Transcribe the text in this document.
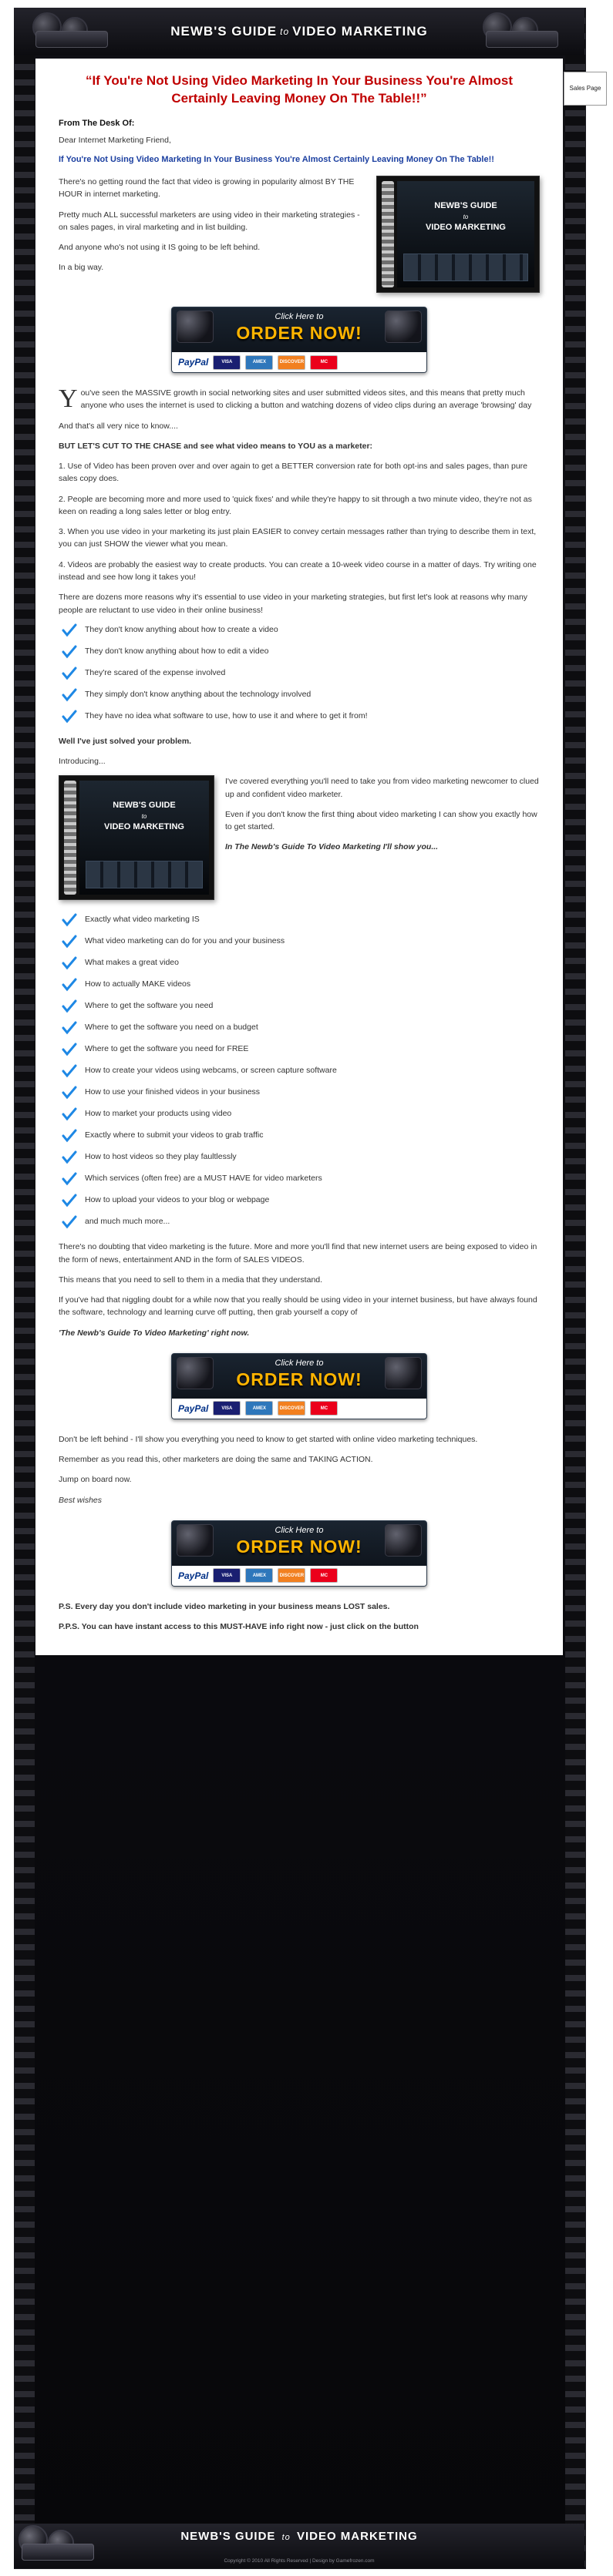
NEWB'S GUIDE to VIDEO MARKETING
Sales Page
“If You're Not Using Video Marketing In Your Business You're Almost Certainly Leaving Money On The Table!!”
From The Desk Of:

Dear Internet Marketing Friend,

If You're Not Using Video Marketing In Your Business You're Almost Certainly Leaving Money On The Table!!

There's no getting round the fact that video is growing in popularity almost BY THE HOUR in internet marketing.

Pretty much ALL successful marketers are using video in their marketing strategies - on sales pages, in viral marketing and in list building.

And anyone who's not using it IS going to be left behind.

In a big way.

NEWB'S GUIDE
to
VIDEO MARKETING
Click Here to
ORDER NOW!
PayPal	VISA	AMEX	DISCOVER	MC

Y ou've seen the MASSIVE growth in social networking sites and user submitted videos sites, and this means that pretty much anyone who uses the internet is used to clicking a button and watching dozens of video clips during an average 'browsing' day

And that's all very nice to know....

BUT LET'S CUT TO THE CHASE and see what video means to YOU as a marketer:

1. Use of Video has been proven over and over again to get a BETTER conversion rate for both opt-ins and sales pages, than pure sales copy does.

2. People are becoming more and more used to 'quick fixes' and while they're happy to sit through a two minute video, they're not as keen on reading a long sales letter or blog entry.

3. When you use video in your marketing its just plain EASIER to convey certain messages rather than trying to describe them in text, you can just SHOW the viewer what you mean.

4. Videos are probably the easiest way to create products. You can create a 10-week video course in a matter of days. Try writing one instead and see how long it takes you!

There are dozens more reasons why it's essential to use video in your marketing strategies, but first let's look at reasons why many people are reluctant to use video in their online business!

They don't know anything about how to create a video
They don't know anything about how to edit a video
They're scared of the expense involved
They simply don't know anything about the technology involved
They have no idea what software to use, how to use it and where to get it from!

Well I've just solved your problem.

Introducing...

NEWB'S GUIDE
to
VIDEO MARKETING

I've covered everything you'll need to take you from video marketing newcomer to clued up and confident video marketer.

Even if you don't know the first thing about video marketing I can show you exactly how to get started.

In The Newb's Guide To Video Marketing I'll show you...

Exactly what video marketing IS
What video marketing can do for you and your business
What makes a great video
How to actually MAKE videos
Where to get the software you need
Where to get the software you need on a budget
Where to get the software you need for FREE
How to create your videos using webcams, or screen capture software
How to use your finished videos in your business
How to market your products using video
Exactly where to submit your videos to grab traffic
How to host videos so they play faultlessly
Which services (often free) are a MUST HAVE for video marketers
How to upload your videos to your blog or webpage
and much much more...

There's no doubting that video marketing is the future. More and more you'll find that new internet users are being exposed to video in the form of news, entertainment AND in the form of SALES VIDEOS.

This means that you need to sell to them in a media that they understand.

If you've had that niggling doubt for a while now that you really should be using video in your internet business, but have always found the software, technology and learning curve off putting, then grab yourself a copy of

'The Newb's Guide To Video Marketing' right now.

Click Here to
ORDER NOW!
PayPal	VISA	AMEX	DISCOVER	MC

Don't be left behind - I'll show you everything you need to know to get started with online video marketing techniques.

Remember as you read this, other marketers are doing the same and TAKING ACTION.

Jump on board now.

Best wishes

Click Here to
ORDER NOW!
PayPal	VISA	AMEX	DISCOVER	MC

P.S. Every day you don't include video marketing in your business means LOST sales.

P.P.S. You can have instant access to this MUST-HAVE info right now - just click on the button

NEWB'S GUIDE to VIDEO MARKETING
Copyright © 2010 All Rights Reserved | Design by Gamefrozen.com
